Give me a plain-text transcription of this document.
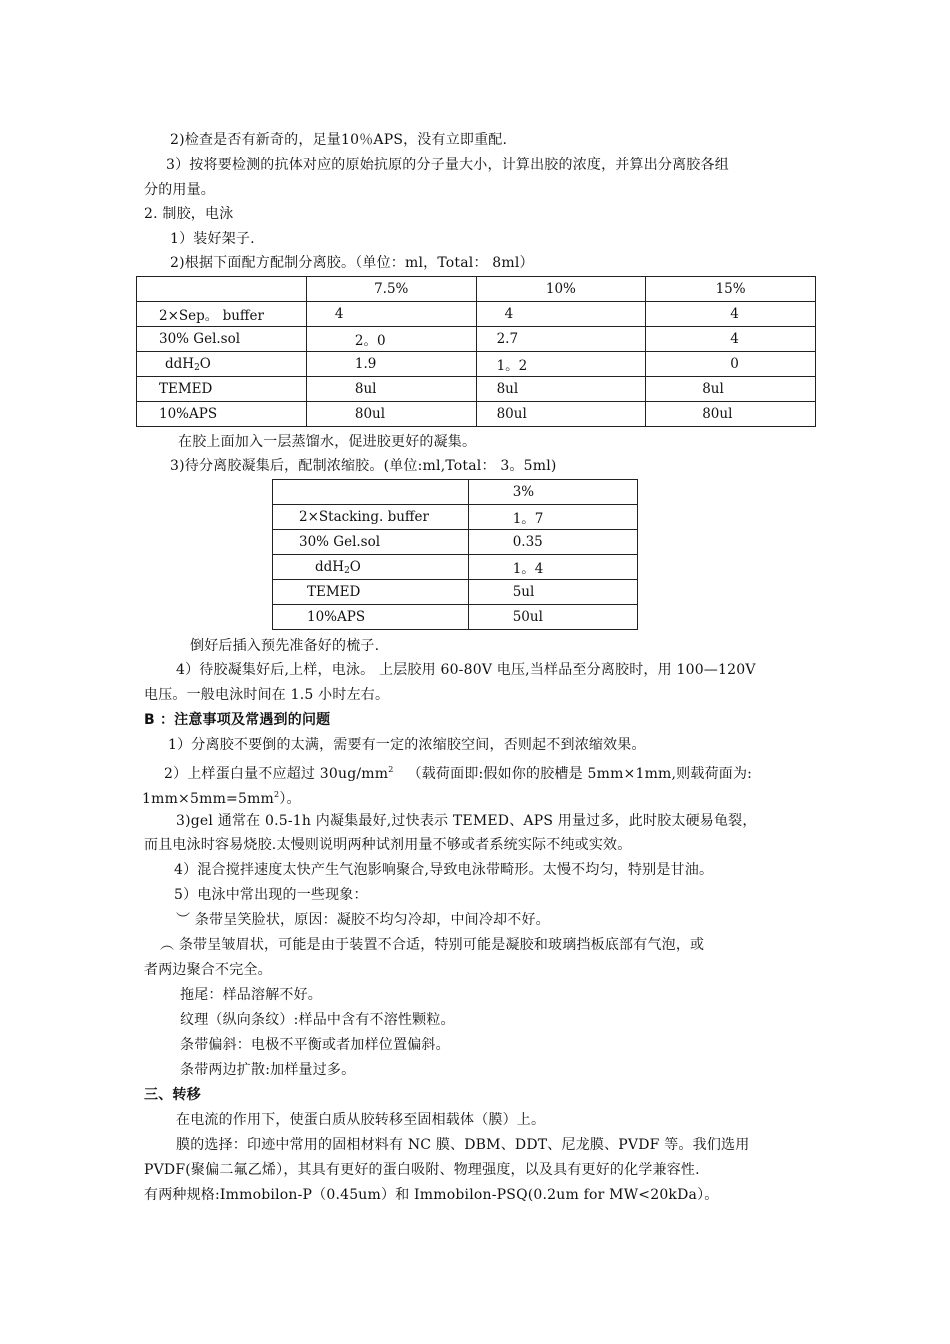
2)检查是否有新奇的，足量10％APS，没有立即重配.
3）按将要检测的抗体对应的原始抗原的分子量大小，计算出胶的浓度，并算出分离胶各组
分的用量。
2. 制胶，电泳
1）装好架子.
2)根据下面配方配制分离胶。（单位：ml，Total： 8ml）
	7.5%	10%	15%
2×Sep。 buffer	4	4	4
30% Gel.sol	2。0	2.7	4
ddH$_2$O	1.9	1。2	0
TEMED	8ul	8ul	8ul
10%APS	80ul	80ul	80ul
在胶上面加入一层蒸馏水，促进胶更好的凝集。
3)待分离胶凝集后，配制浓缩胶。(单位:ml,Total： 3。5ml)
	3%
2×Stacking. buffer	1。7
30% Gel.sol	0.35
ddH$_2$O	1。4
TEMED	5ul
10%APS	50ul
倒好后插入预先准备好的梳子.
4）待胶凝集好后,上样，电泳。 上层胶用 60-80V 电压,当样品至分离胶时，用 100—120V
电压。一般电泳时间在 1.5 小时左右。
B ：注意事项及常遇到的问题
1）分离胶不要倒的太满，需要有一定的浓缩胶空间，否则起不到浓缩效果。
2）上样蛋白量不应超过 $30ug/mm^2$ （载荷面即:假如你的胶槽是 5mm×1mm,则载荷面为:
$1mm\times 5mm=5mm^2$）。
3)gel 通常在 0.5-1h 内凝集最好,过快表示 TEMED、APS 用量过多，此时胶太硬易龟裂，
而且电泳时容易烧胶.太慢则说明两种试剂用量不够或者系统实际不纯或实效。
4）混合搅拌速度太快产生气泡影响聚合,导致电泳带畸形。太慢不均匀，特别是甘油。
5）电泳中常出现的一些现象：
︶ 条带呈笑脸状，原因：凝胶不均匀冷却，中间冷却不好。
︵ 条带呈皱眉状，可能是由于装置不合适，特别可能是凝胶和玻璃挡板底部有气泡，或
者两边聚合不完全。
拖尾：样品溶解不好。
纹理（纵向条纹）:样品中含有不溶性颗粒。
条带偏斜：电极不平衡或者加样位置偏斜。
条带两边扩散:加样量过多。
三、转移
在电流的作用下，使蛋白质从胶转移至固相载体（膜）上。
膜的选择：印迹中常用的固相材料有 NC 膜、DBM、DDT、尼龙膜、PVDF 等。我们选用
PVDF(聚偏二氟乙烯），其具有更好的蛋白吸附、物理强度，以及具有更好的化学兼容性.
有两种规格:Immobilon-P（0.45um）和 Immobilon-PSQ(0.2um for MW<20kDa）。
